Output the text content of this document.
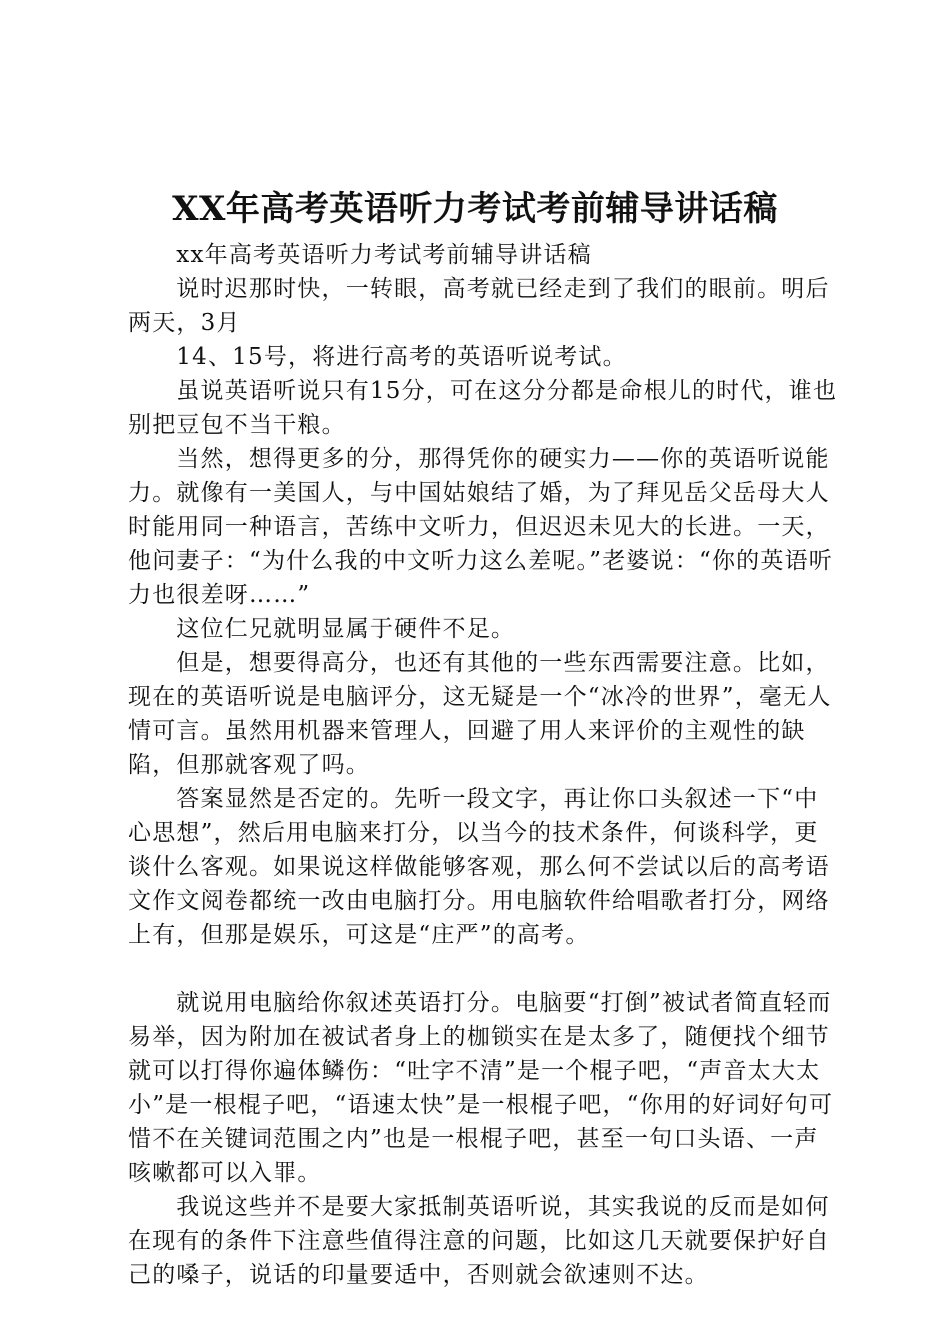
XX年高考英语听力考试考前辅导讲话稿

xx年高考英语听力考试考前辅导讲话稿

说时迟那时快，一转眼，高考就已经走到了我们的眼前。明后两天，3月

14、15号，将进行高考的英语听说考试。

虽说英语听说只有15分，可在这分分都是命根儿的时代，谁也别把豆包不当干粮。

当然，想得更多的分，那得凭你的硬实力——你的英语听说能力。就像有一美国人，与中国姑娘结了婚，为了拜见岳父岳母大人时能用同一种语言，苦练中文听力，但迟迟未见大的长进。一天，他问妻子：“为什么我的中文听力这么差呢。”老婆说：“你的英语听力也很差呀……”

这位仁兄就明显属于硬件不足。

但是，想要得高分，也还有其他的一些东西需要注意。比如，现在的英语听说是电脑评分，这无疑是一个“冰冷的世界”，毫无人情可言。虽然用机器来管理人，回避了用人来评价的主观性的缺陷，但那就客观了吗。

答案显然是否定的。先听一段文字，再让你口头叙述一下“中心思想”，然后用电脑来打分，以当今的技术条件，何谈科学，更谈什么客观。如果说这样做能够客观，那么何不尝试以后的高考语文作文阅卷都统一改由电脑打分。用电脑软件给唱歌者打分，网络上有，但那是娱乐，可这是“庄严”的高考。

就说用电脑给你叙述英语打分。电脑要“打倒”被试者简直轻而易举，因为附加在被试者身上的枷锁实在是太多了，随便找个细节就可以打得你遍体鳞伤：“吐字不清”是一个棍子吧，“声音太大太小”是一根棍子吧，“语速太快”是一根棍子吧，“你用的好词好句可惜不在关键词范围之内”也是一根棍子吧，甚至一句口头语、一声咳嗽都可以入罪。

我说这些并不是要大家抵制英语听说，其实我说的反而是如何在现有的条件下注意些值得注意的问题，比如这几天就要保护好自己的嗓子，说话的印量要适中，否则就会欲速则不达。
